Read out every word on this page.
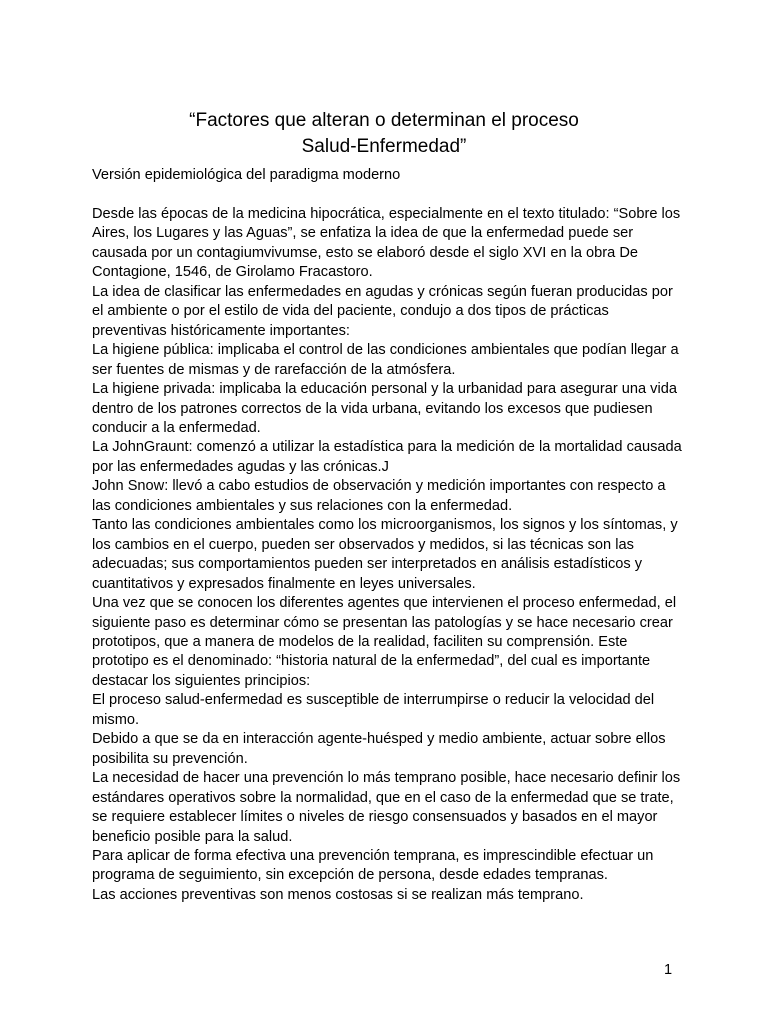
“Factores que alteran o determinan el proceso
Salud-Enfermedad”

Versión epidemiológica del paradigma moderno

Desde las épocas de la medicina hipocrática, especialmente en el texto titulado: “Sobre los Aires, los Lugares y las Aguas”, se enfatiza la idea de que la enfermedad puede ser causada por un contagiumvivumse, esto se elaboró desde el siglo XVI en la obra De Contagione, 1546, de Girolamo Fracastoro.

La idea de clasificar las enfermedades en agudas y crónicas según fueran producidas por el ambiente o por el estilo de vida del paciente, condujo a dos tipos de prácticas preventivas históricamente importantes:

La higiene pública: implicaba el control de las condiciones ambientales que podían llegar a ser fuentes de mismas y de rarefacción de la atmósfera.

La higiene privada: implicaba la educación personal y la urbanidad para asegurar una vida dentro de los patrones correctos de la vida urbana, evitando los excesos que pudiesen conducir a la enfermedad.

La JohnGraunt: comenzó a utilizar la estadística para la medición de la mortalidad causada por las enfermedades agudas y las crónicas.J

John Snow: llevó a cabo estudios de observación y medición importantes con respecto a las condiciones ambientales y sus relaciones con la enfermedad.

Tanto las condiciones ambientales como los microorganismos, los signos y los síntomas, y los cambios en el cuerpo, pueden ser observados y medidos, si las técnicas son las adecuadas; sus comportamientos pueden ser interpretados en análisis estadísticos y cuantitativos y expresados finalmente en leyes universales.

Una vez que se conocen los diferentes agentes que intervienen el proceso enfermedad, el siguiente paso es determinar cómo se presentan las patologías y se hace necesario crear prototipos, que a manera de modelos de la realidad, faciliten su comprensión. Este prototipo es el denominado: “historia natural de la enfermedad”, del cual es importante destacar los siguientes principios:

El proceso salud-enfermedad es susceptible de interrumpirse o reducir la velocidad del mismo.

Debido a que se da en interacción agente-huésped y medio ambiente, actuar sobre ellos posibilita su prevención.

La necesidad de hacer una prevención lo más temprano posible, hace necesario definir los estándares operativos sobre la normalidad, que en el caso de la enfermedad que se trate, se requiere establecer límites o niveles de riesgo consensuados y basados en el mayor beneficio posible para la salud.

Para aplicar de forma efectiva una prevención temprana, es imprescindible efectuar un programa de seguimiento, sin excepción de persona, desde edades tempranas.

Las acciones preventivas son menos costosas si se realizan más temprano.

1
